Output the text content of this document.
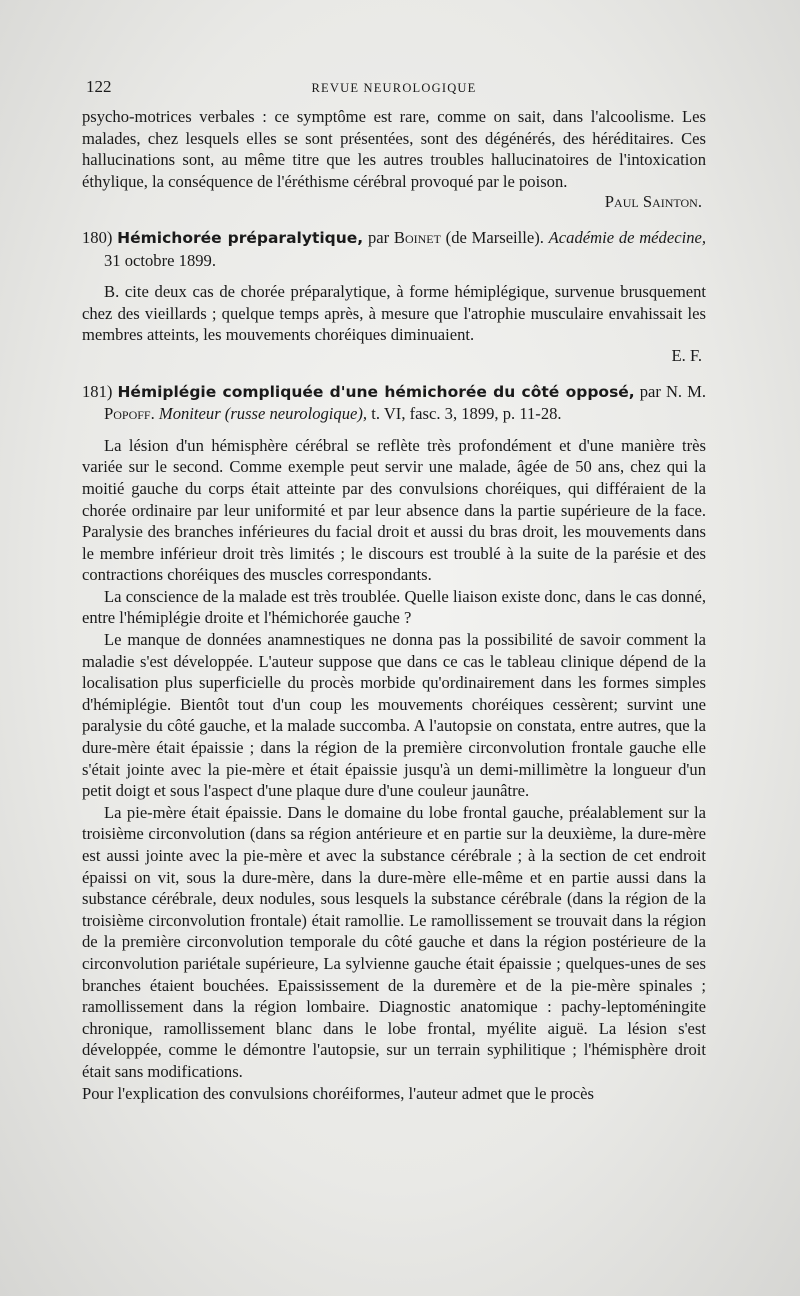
122	REVUE NEUROLOGIQUE

psycho-motrices verbales : ce symptôme est rare, comme on sait, dans l'alcoolisme. Les malades, chez lesquels elles se sont présentées, sont des dégénérés, des héréditaires. Ces hallucinations sont, au même titre que les autres troubles hallucinatoires de l'intoxication éthylique, la conséquence de l'éréthisme cérébral provoqué par le poison.

Paul Sainton.

180) Hémichorée préparalytique, par Boinet (de Marseille). Académie de médecine, 31 octobre 1899.

B. cite deux cas de chorée préparalytique, à forme hémiplégique, survenue brusquement chez des vieillards ; quelque temps après, à mesure que l'atrophie musculaire envahissait les membres atteints, les mouvements choréiques diminuaient.

E. F.

181) Hémiplégie compliquée d'une hémichorée du côté opposé, par N. M. Popoff. Moniteur (russe neurologique), t. VI, fasc. 3, 1899, p. 11-28.

La lésion d'un hémisphère cérébral se reflète très profondément et d'une manière très variée sur le second. Comme exemple peut servir une malade, âgée de 50 ans, chez qui la moitié gauche du corps était atteinte par des convulsions choréiques, qui différaient de la chorée ordinaire par leur uniformité et par leur absence dans la partie supérieure de la face. Paralysie des branches inférieures du facial droit et aussi du bras droit, les mouvements dans le membre inférieur droit très limités ; le discours est troublé à la suite de la parésie et des contractions choréiques des muscles correspondants.

La conscience de la malade est très troublée. Quelle liaison existe donc, dans le cas donné, entre l'hémiplégie droite et l'hémichorée gauche ?

Le manque de données anamnestiques ne donna pas la possibilité de savoir comment la maladie s'est développée. L'auteur suppose que dans ce cas le tableau clinique dépend de la localisation plus superficielle du procès morbide qu'ordinairement dans les formes simples d'hémiplégie. Bientôt tout d'un coup les mouvements choréiques cessèrent; survint une paralysie du côté gauche, et la malade succomba. A l'autopsie on constata, entre autres, que la dure-mère était épaissie ; dans la région de la première circonvolution frontale gauche elle s'était jointe avec la pie-mère et était épaissie jusqu'à un demi-millimètre la longueur d'un petit doigt et sous l'aspect d'une plaque dure d'une couleur jaunâtre.

La pie-mère était épaissie. Dans le domaine du lobe frontal gauche, préalablement sur la troisième circonvolution (dans sa région antérieure et en partie sur la deuxième, la dure-mère est aussi jointe avec la pie-mère et avec la substance cérébrale ; à la section de cet endroit épaissi on vit, sous la dure-mère, dans la dure-mère elle-même et en partie aussi dans la substance cérébrale, deux nodules, sous lesquels la substance cérébrale (dans la région de la troisième circonvolution frontale) était ramollie. Le ramollissement se trouvait dans la région de la première circonvolution temporale du côté gauche et dans la région postérieure de la circonvolution pariétale supérieure, La sylvienne gauche était épaissie ; quelques-unes de ses branches étaient bouchées. Epaississement de la duremère et de la pie-mère spinales ; ramollissement dans la région lombaire. Diagnostic anatomique : pachy-leptoméningite chronique, ramollissement blanc dans le lobe frontal, myélite aiguë. La lésion s'est développée, comme le démontre l'autopsie, sur un terrain syphilitique ; l'hémisphère droit était sans modifications.

Pour l'explication des convulsions choréiformes, l'auteur admet que le procès
